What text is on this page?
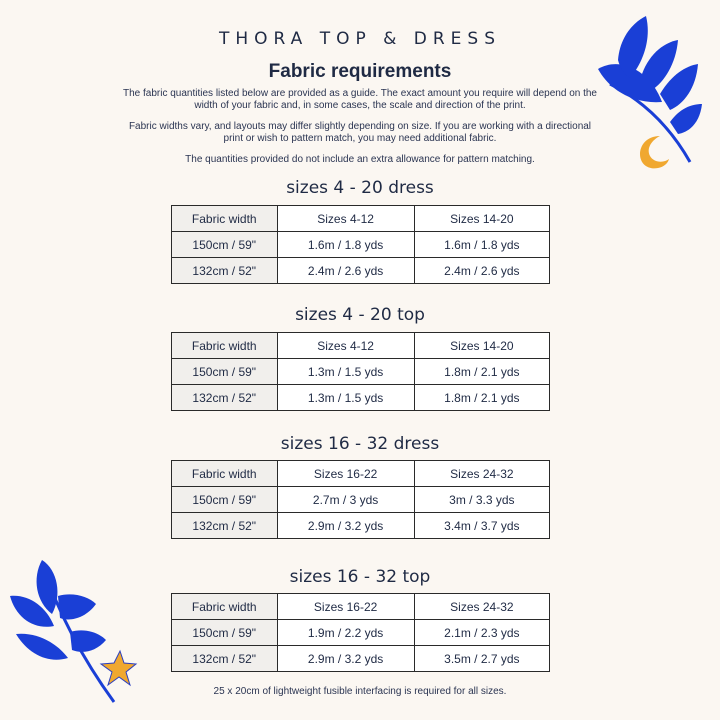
THORA TOP & DRESS
Fabric requirements

The fabric quantities listed below are provided as a guide. The exact amount you require will depend on the width of your fabric and, in some cases, the scale and direction of the print.

Fabric widths vary, and layouts may differ slightly depending on size. If you are working with a directional print or wish to pattern match, you may need additional fabric.

The quantities provided do not include an extra allowance for pattern matching.

sizes 4 - 20 dress
Fabric width	Sizes 4-12	Sizes 14-20
150cm / 59"	1.6m / 1.8 yds	1.6m / 1.8 yds
132cm / 52"	2.4m / 2.6 yds	2.4m / 2.6 yds
sizes 4 - 20 top
Fabric width	Sizes 4-12	Sizes 14-20
150cm / 59"	1.3m / 1.5 yds	1.8m / 2.1 yds
132cm / 52"	1.3m / 1.5 yds	1.8m / 2.1 yds
sizes 16 - 32 dress
Fabric width	Sizes 16-22	Sizes 24-32
150cm / 59"	2.7m / 3 yds	3m / 3.3 yds
132cm / 52"	2.9m / 3.2 yds	3.4m / 3.7 yds
sizes 16 - 32 top
Fabric width	Sizes 16-22	Sizes 24-32
150cm / 59"	1.9m / 2.2 yds	2.1m / 2.3 yds
132cm / 52"	2.9m / 3.2 yds	3.5m / 2.7 yds
25 x 20cm of lightweight fusible interfacing is required for all sizes.
